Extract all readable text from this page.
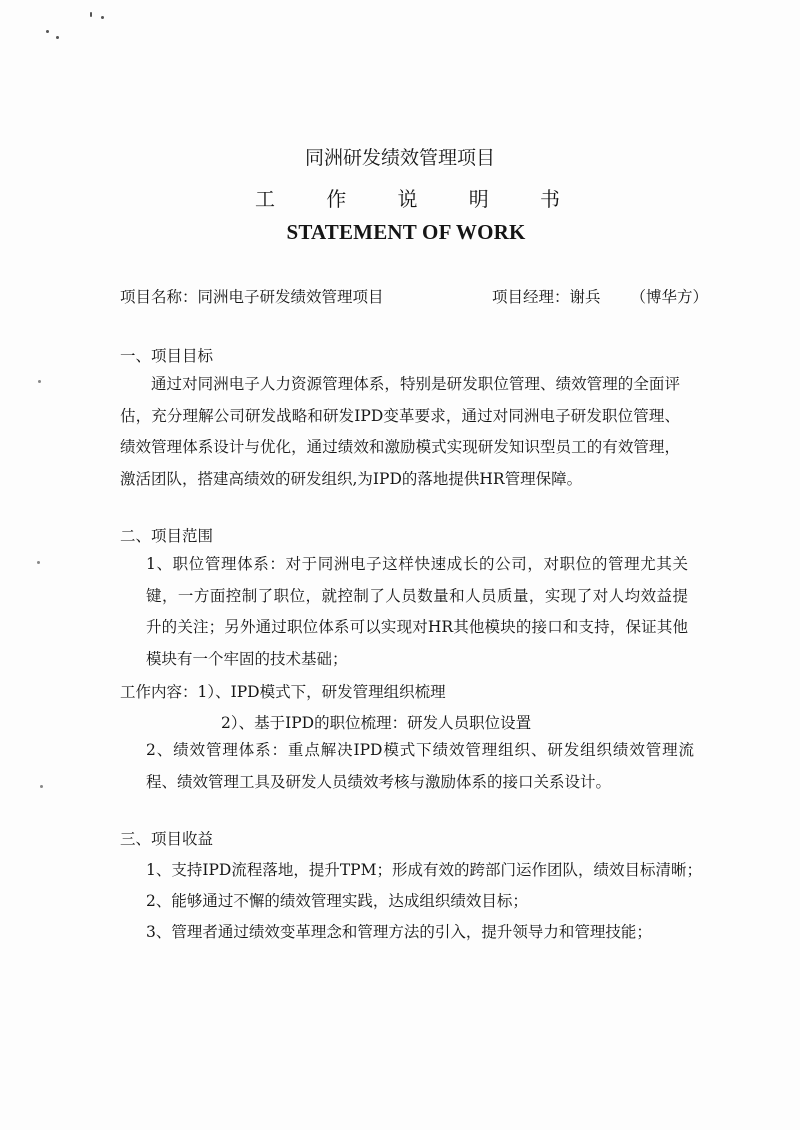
同洲研发绩效管理项目
工	作	说	明	书
STATEMENT OF WORK
项目名称：同洲电子研发绩效管理项目	项目经理：谢兵 （博华方）
一、项目目标
通过对同洲电子人力资源管理体系，特别是研发职位管理、绩效管理的全面评估，充分理解公司研发战略和研发IPD变革要求，通过对同洲电子研发职位管理、绩效管理体系设计与优化，通过绩效和激励模式实现研发知识型员工的有效管理，激活团队，搭建高绩效的研发组织,为IPD的落地提供HR管理保障。
二、项目范围
1、职位管理体系：对于同洲电子这样快速成长的公司，对职位的管理尤其关键，一方面控制了职位，就控制了人员数量和人员质量，实现了对人均效益提升的关注；另外通过职位体系可以实现对HR其他模块的接口和支持，保证其他模块有一个牢固的技术基础；
工作内容：1）、IPD模式下，研发管理组织梳理
2）、基于IPD的职位梳理：研发人员职位设置
2、绩效管理体系：重点解决IPD模式下绩效管理组织、研发组织绩效管理流程、绩效管理工具及研发人员绩效考核与激励体系的接口关系设计。
三、项目收益
1、支持IPD流程落地，提升TPM；形成有效的跨部门运作团队，绩效目标清晰；
2、能够通过不懈的绩效管理实践，达成组织绩效目标；
3、管理者通过绩效变革理念和管理方法的引入，提升领导力和管理技能；
